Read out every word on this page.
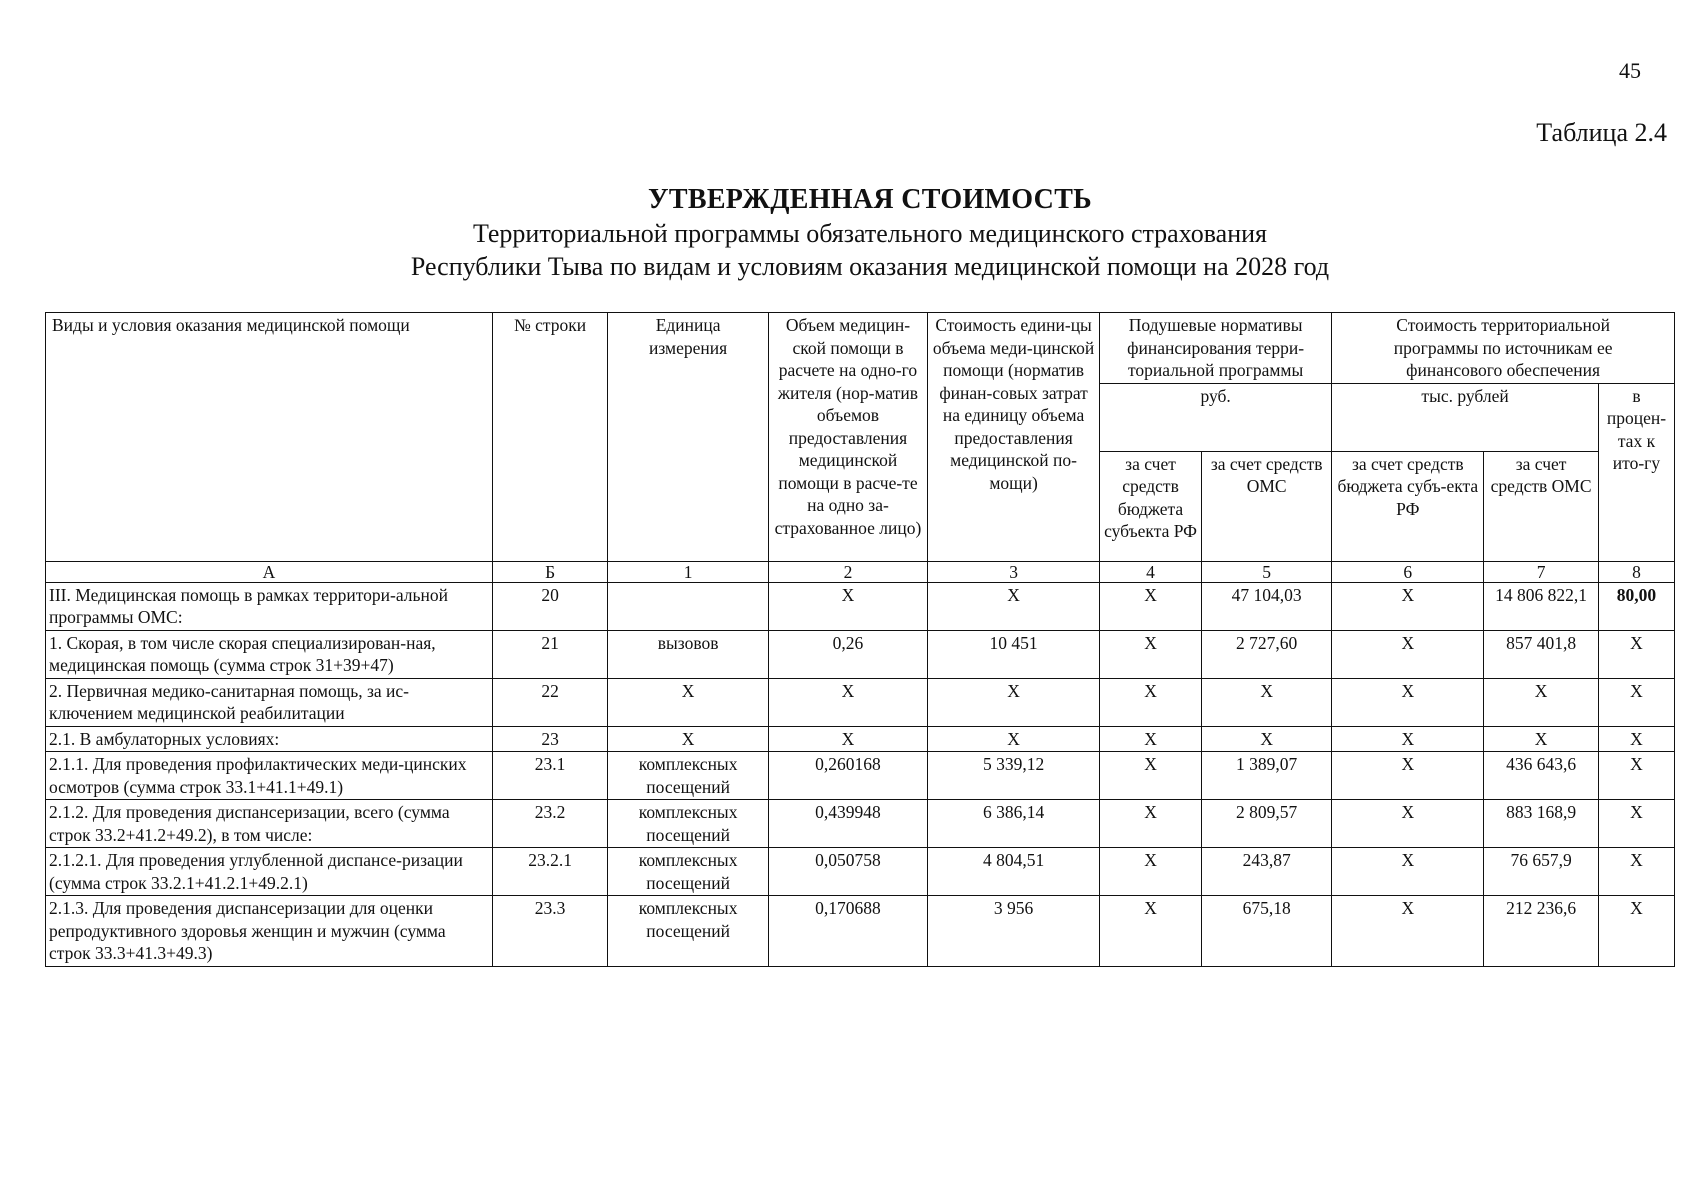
45
Таблица 2.4
УТВЕРЖДЕННАЯ СТОИМОСТЬ
Территориальной программы обязательного медицинского страхования
Республики Тыва по видам и условиям оказания медицинской помощи на 2028 год
Виды и условия оказания медицинской помощи	№ строки	Единица измерения	Объем медицин-ской помощи в расчете на одно-го жителя (нор-матив объемов предоставления медицинской помощи в расче-те на одно за-страхованное лицо)	Стоимость едини-цы объема меди-цинской помощи (норматив финан-совых затрат на единицу объема предоставления медицинской по-мощи)	Подушевые нормативы финансирования терри-ториальной программы		Стоимость территориальной программы по источникам ее финансового обеспечения		
					руб.		тыс. рублей		в процен-тах к ито-гу
					за счет средств бюджета субъекта РФ	за счет средств ОМС	за счет средств бюджета субъ-екта РФ	за счет средств ОМС	
А	Б	1	2	3	4	5	6	7	8
III. Медицинская помощь в рамках территори-альной программы ОМС:	20		X	X	X	47 104,03	X	14 806 822,1	80,00
1. Скорая, в том числе скорая специализирован-ная, медицинская помощь (сумма строк 31+39+47)	21	вызовов	0,26	10 451	X	2 727,60	X	857 401,8	X
2. Первичная медико-санитарная помощь, за ис-ключением медицинской реабилитации	22	X	X	X	X	X	X	X	X
2.1. В амбулаторных условиях:	23	X	X	X	X	X	X	X	X
2.1.1. Для проведения профилактических меди-цинских осмотров (сумма строк 33.1+41.1+49.1)	23.1	комплексных посещений	0,260168	5 339,12	X	1 389,07	X	436 643,6	X
2.1.2. Для проведения диспансеризации, всего (сумма строк 33.2+41.2+49.2), в том числе:	23.2	комплексных посещений	0,439948	6 386,14	X	2 809,57	X	883 168,9	X
2.1.2.1. Для проведения углубленной диспансе-ризации (сумма строк 33.2.1+41.2.1+49.2.1)	23.2.1	комплексных посещений	0,050758	4 804,51	X	243,87	X	76 657,9	X
2.1.3. Для проведения диспансеризации для оценки репродуктивного здоровья женщин и мужчин (сумма строк 33.3+41.3+49.3)	23.3	комплексных посещений	0,170688	3 956	X	675,18	X	212 236,6	X
